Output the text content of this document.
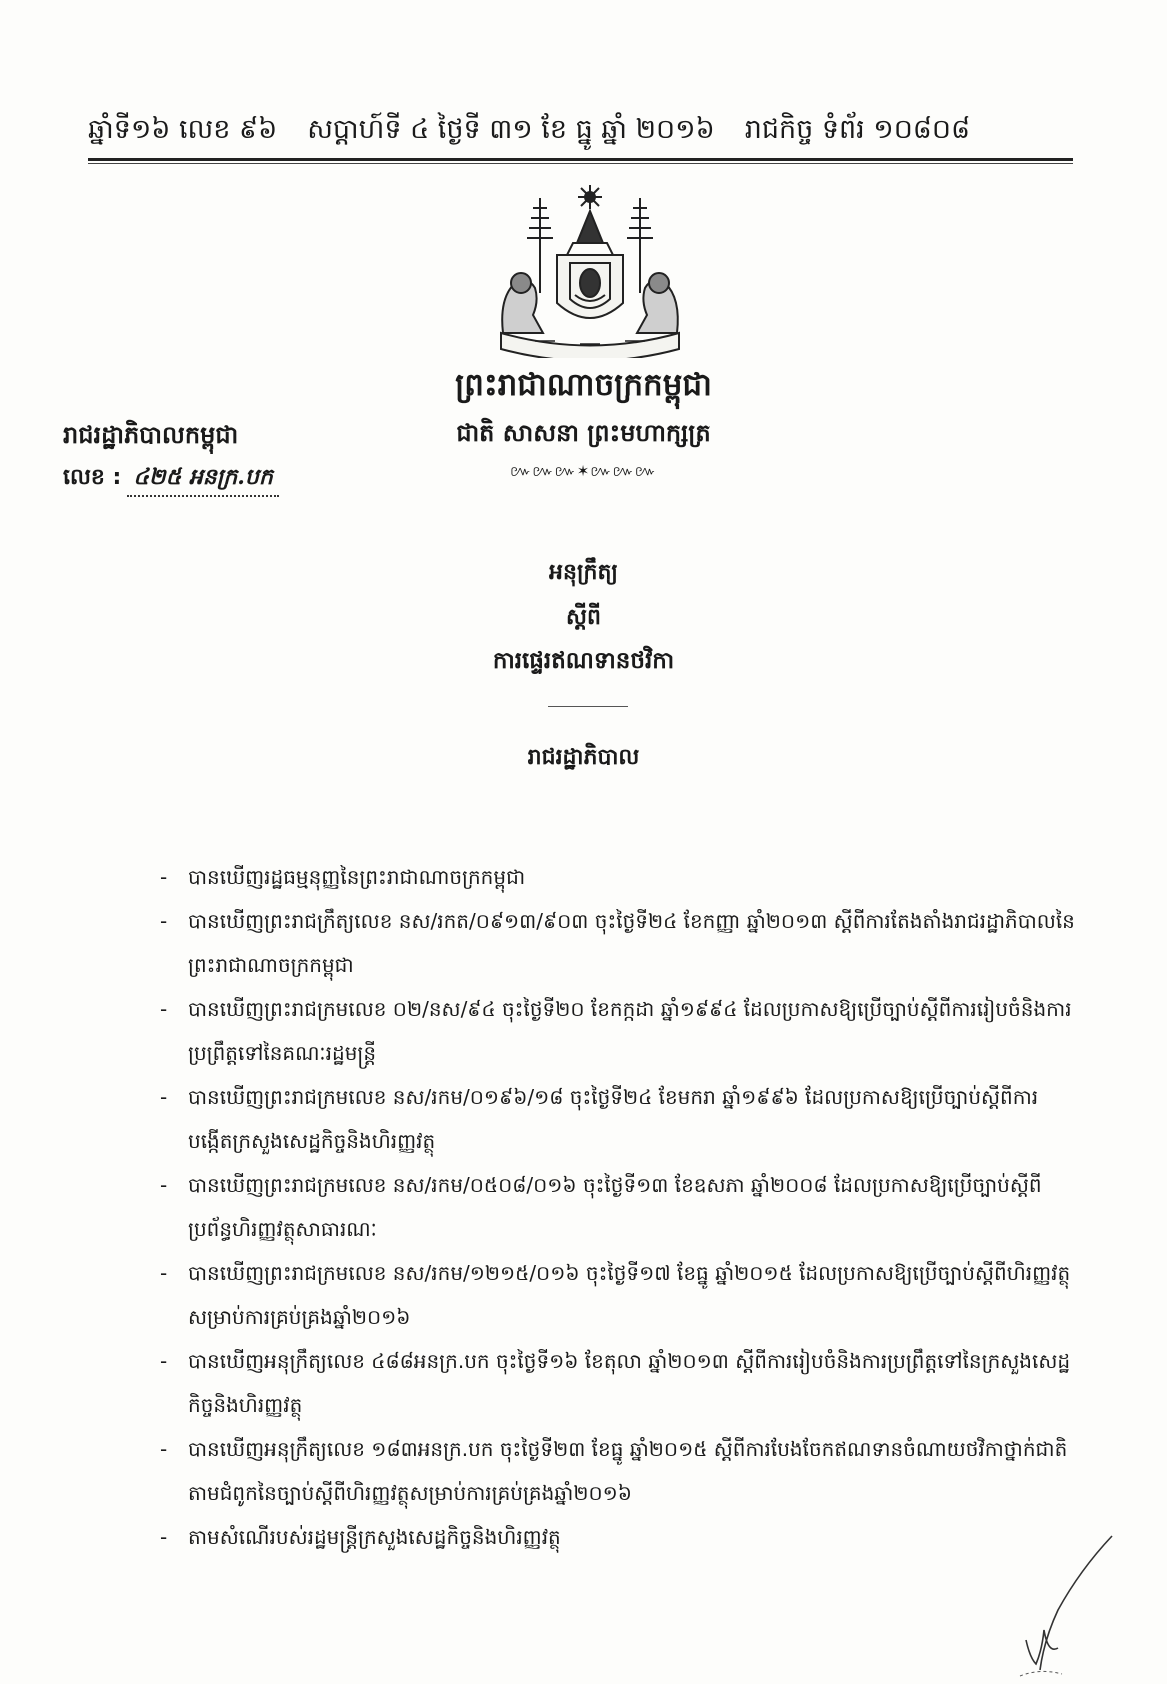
ឆ្នាំទី១៦ លេខ ៩៦ សប្តាហ៍ទី ៤ ថ្ងៃទី ៣១ ខែ ធ្នូ ឆ្នាំ ២០១៦ រាជកិច្ច ទំព័រ ១០៨០៨
ព្រះរាជាណាចក្រកម្ពុជា
ជាតិ សាសនា ព្រះមហាក្សត្រ
៚៚៚✶៚៚៚
រាជរដ្ឋាភិបាលកម្ពុជា
លេខ : ៤២៥ អនក្រ.បក
អនុក្រឹត្យ
ស្តីពី
ការផ្ទេរឥណទានថវិកា
រាជរដ្ឋាភិបាល
- បានឃើញរដ្ឋធម្មនុញ្ញនៃព្រះរាជាណាចក្រកម្ពុជា
- បានឃើញព្រះរាជក្រឹត្យលេខ នស/រកត/០៩១៣/៩០៣ ចុះថ្ងៃទី២៤ ខែកញ្ញា ឆ្នាំ២០១៣ ស្តីពីការតែងតាំងរាជរដ្ឋាភិបាលនៃព្រះរាជាណាចក្រកម្ពុជា
- បានឃើញព្រះរាជក្រមលេខ ០២/នស/៩៤ ចុះថ្ងៃទី២០ ខែកក្កដា ឆ្នាំ១៩៩៤ ដែលប្រកាសឱ្យប្រើច្បាប់ស្តីពីការរៀបចំនិងការប្រព្រឹត្តទៅនៃគណៈរដ្ឋមន្ត្រី
- បានឃើញព្រះរាជក្រមលេខ នស/រកម/០១៩៦/១៨ ចុះថ្ងៃទី២៤ ខែមករា ឆ្នាំ១៩៩៦ ដែលប្រកាសឱ្យប្រើច្បាប់ស្តីពីការបង្កើតក្រសួងសេដ្ឋកិច្ចនិងហិរញ្ញវត្ថុ
- បានឃើញព្រះរាជក្រមលេខ នស/រកម/០៥០៨/០១៦ ចុះថ្ងៃទី១៣ ខែឧសភា ឆ្នាំ២០០៨ ដែលប្រកាសឱ្យប្រើច្បាប់ស្តីពីប្រព័ន្ធហិរញ្ញវត្ថុសាធារណៈ
- បានឃើញព្រះរាជក្រមលេខ នស/រកម/១២១៥/០១៦ ចុះថ្ងៃទី១៧ ខែធ្នូ ឆ្នាំ២០១៥ ដែលប្រកាសឱ្យប្រើច្បាប់ស្តីពីហិរញ្ញវត្ថុសម្រាប់ការគ្រប់គ្រងឆ្នាំ២០១៦
- បានឃើញអនុក្រឹត្យលេខ ៤៨៨អនក្រ.បក ចុះថ្ងៃទី១៦ ខែតុលា ឆ្នាំ២០១៣ ស្តីពីការរៀបចំនិងការប្រព្រឹត្តទៅនៃក្រសួងសេដ្ឋកិច្ចនិងហិរញ្ញវត្ថុ
- បានឃើញអនុក្រឹត្យលេខ ១៨៣អនក្រ.បក ចុះថ្ងៃទី២៣ ខែធ្នូ ឆ្នាំ២០១៥ ស្តីពីការបែងចែកឥណទានចំណាយថវិកាថ្នាក់ជាតិតាមជំពូកនៃច្បាប់ស្តីពីហិរញ្ញវត្ថុសម្រាប់ការគ្រប់គ្រងឆ្នាំ២០១៦
- តាមសំណើរបស់រដ្ឋមន្ត្រីក្រសួងសេដ្ឋកិច្ចនិងហិរញ្ញវត្ថុ
